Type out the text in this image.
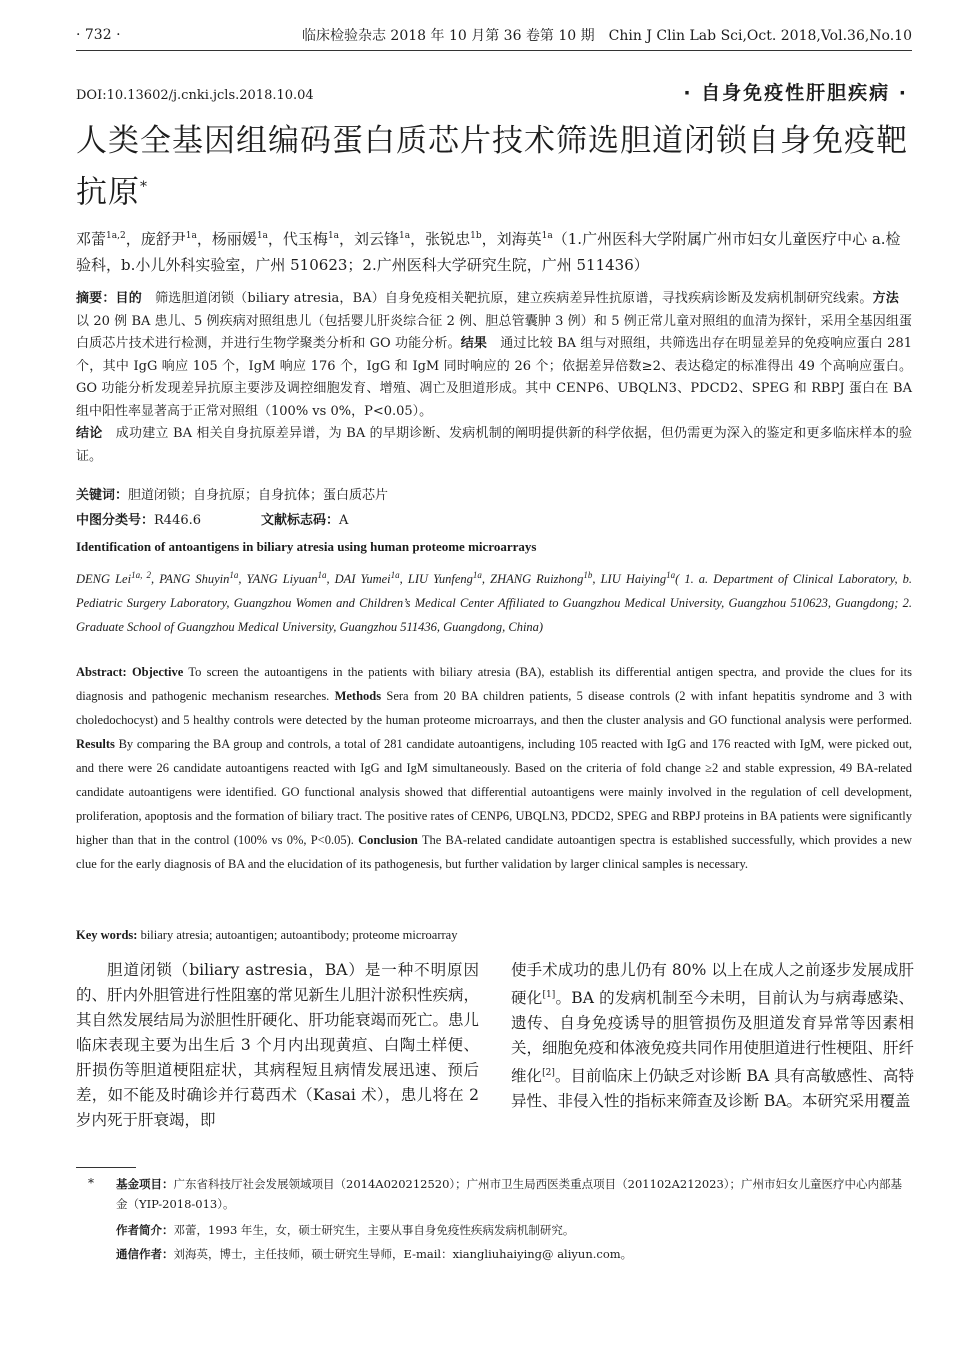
· 732 ·	临床检验杂志 2018 年 10 月第 36 卷第 10 期　Chin J Clin Lab Sci,Oct. 2018,Vol.36,No.10
DOI:10.13602/j.cnki.jcls.2018.10.04	· 自身免疫性肝胆疾病 ·
人类全基因组编码蛋白质芯片技术筛选胆道闭锁自身免疫靶抗原*
邓蕾$^{1a,2}$，庞舒尹$^{1a}$，杨丽媛$^{1a}$，代玉梅$^{1a}$，刘云锋$^{1a}$，张锐忠$^{1b}$，刘海英$^{1a}$（1.广州医科大学附属广州市妇女儿童医疗中心 a.检验科，b.小儿外科实验室，广州 510623；2.广州医科大学研究生院，广州 511436）
摘要：目的　筛选胆道闭锁（biliary atresia，BA）自身免疫相关靶抗原，建立疾病差异性抗原谱，寻找疾病诊断及发病机制研究线索。方法　以 20 例 BA 患儿、5 例疾病对照组患儿（包括婴儿肝炎综合征 2 例、胆总管囊肿 3 例）和 5 例正常儿童对照组的血清为探针，采用全基因组蛋白质芯片技术进行检测，并进行生物学聚类分析和 GO 功能分析。结果　通过比较 BA 组与对照组，共筛选出存在明显差异的免疫响应蛋白 281 个，其中 IgG 响应 105 个，IgM 响应 176 个，IgG 和 IgM 同时响应的 26 个；依据差异倍数≥2、表达稳定的标准得出 49 个高响应蛋白。GO 功能分析发现差异抗原主要涉及调控细胞发育、增殖、凋亡及胆道形成。其中 CENP6、UBQLN3、PDCD2、SPEG 和 RBPJ 蛋白在 BA 组中阳性率显著高于正常对照组（100% vs 0%，P<0.05）。
结论　成功建立 BA 相关自身抗原差异谱，为 BA 的早期诊断、发病机制的阐明提供新的科学依据，但仍需更为深入的鉴定和更多临床样本的验证。
关键词：胆道闭锁；自身抗原；自身抗体；蛋白质芯片
中图分类号：R446.6	文献标志码：A
Identification of antoantigens in biliary atresia using human proteome microarrays
DENG Lei$^{1a, 2}$, PANG Shuyin$^{1a}$, YANG Liyuan$^{1a}$, DAI Yumei$^{1a}$, LIU Yunfeng$^{1a}$, ZHANG Ruizhong$^{1b}$, LIU Haiying$^{1a}$( 1. a. Department of Clinical Laboratory, b. Pediatric Surgery Laboratory, Guangzhou Women and Children’s Medical Center Affiliated to Guangzhou Medical University, Guangzhou 510623, Guangdong; 2. Graduate School of Guangzhou Medical University, Guangzhou 511436, Guangdong, China)
Abstract: Objective To screen the autoantigens in the patients with biliary atresia (BA), establish its differential antigen spectra, and provide the clues for its diagnosis and pathogenic mechanism researches. Methods Sera from 20 BA children patients, 5 disease controls (2 with infant hepatitis syndrome and 3 with choledochocyst) and 5 healthy controls were detected by the human proteome microarrays, and then the cluster analysis and GO functional analysis were performed. Results By comparing the BA group and controls, a total of 281 candidate autoantigens, including 105 reacted with IgG and 176 reacted with IgM, were picked out, and there were 26 candidate autoantigens reacted with IgG and IgM simultaneously. Based on the criteria of fold change ≥2 and stable expression, 49 BA-related candidate autoantigens were identified. GO functional analysis showed that differential autoantigens were mainly involved in the regulation of cell development, proliferation, apoptosis and the formation of biliary tract. The positive rates of CENP6, UBQLN3, PDCD2, SPEG and RBPJ proteins in BA patients were significantly higher than that in the control (100% vs 0%, P<0.05). Conclusion The BA-related candidate autoantigen spectra is established successfully, which provides a new clue for the early diagnosis of BA and the elucidation of its pathogenesis, but further validation by larger clinical samples is necessary.
Key words: biliary atresia; autoantigen; autoantibody; proteome microarray
胆道闭锁（biliary astresia，BA）是一种不明原因的、肝内外胆管进行性阻塞的常见新生儿胆汁淤积性疾病，其自然发展结局为淤胆性肝硬化、肝功能衰竭而死亡。患儿临床表现主要为出生后 3 个月内出现黄疸、白陶土样便、肝损伤等胆道梗阻症状，其病程短且病情发展迅速、预后差，如不能及时确诊并行葛西术（Kasai 术），患儿将在 2 岁内死于肝衰竭，即
使手术成功的患儿仍有 80% 以上在成人之前逐步发展成肝硬化[1]。BA 的发病机制至今未明，目前认为与病毒感染、遗传、自身免疫诱导的胆管损伤及胆道发育异常等因素相关，细胞免疫和体液免疫共同作用使胆道进行性梗阻、肝纤维化[2]。目前临床上仍缺乏对诊断 BA 具有高敏感性、高特异性、非侵入性的指标来筛查及诊断 BA。本研究采用覆盖
* 基金项目：广东省科技厅社会发展领域项目（2014A020212520）；广州市卫生局西医类重点项目（201102A212023）；广州市妇女儿童医疗中心内部基金（YIP-2018-013）。
作者简介：邓蕾，1993 年生，女，硕士研究生，主要从事自身免疫性疾病发病机制研究。
通信作者：刘海英，博士，主任技师，硕士研究生导师，E-mail：xiangliuhaiying@ aliyun.com。
